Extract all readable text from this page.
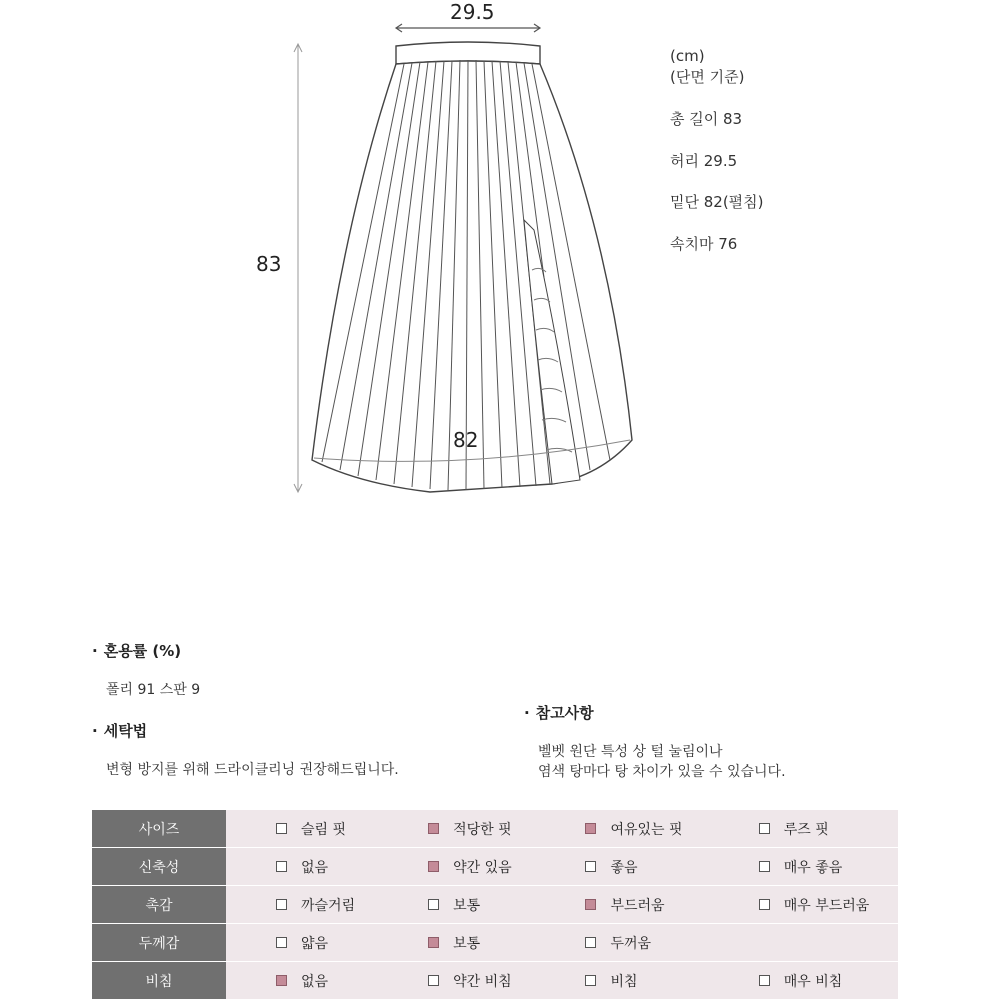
29.5
83
82
(cm)
(단면 기준)
총 길이 83
허리 29.5
밑단 82(펼침)
속치마 76
· 혼용률 (%)
폴리 91 스판 9
· 세탁법
변형 방지를 위해 드라이클리닝 권장해드립니다.
· 참고사항
벨벳 원단 특성 상 털 눌림이나
염색 탕마다 탕 차이가 있을 수 있습니다.
사이즈	슬림 핏	적당한 핏	여유있는 핏	루즈 핏
신축성	없음	약간 있음	좋음	매우 좋음
촉감	까슬거림	보통	부드러움	매우 부드러움
두께감	얇음	보통	두꺼움	
비침	없음	약간 비침	비침	매우 비침
